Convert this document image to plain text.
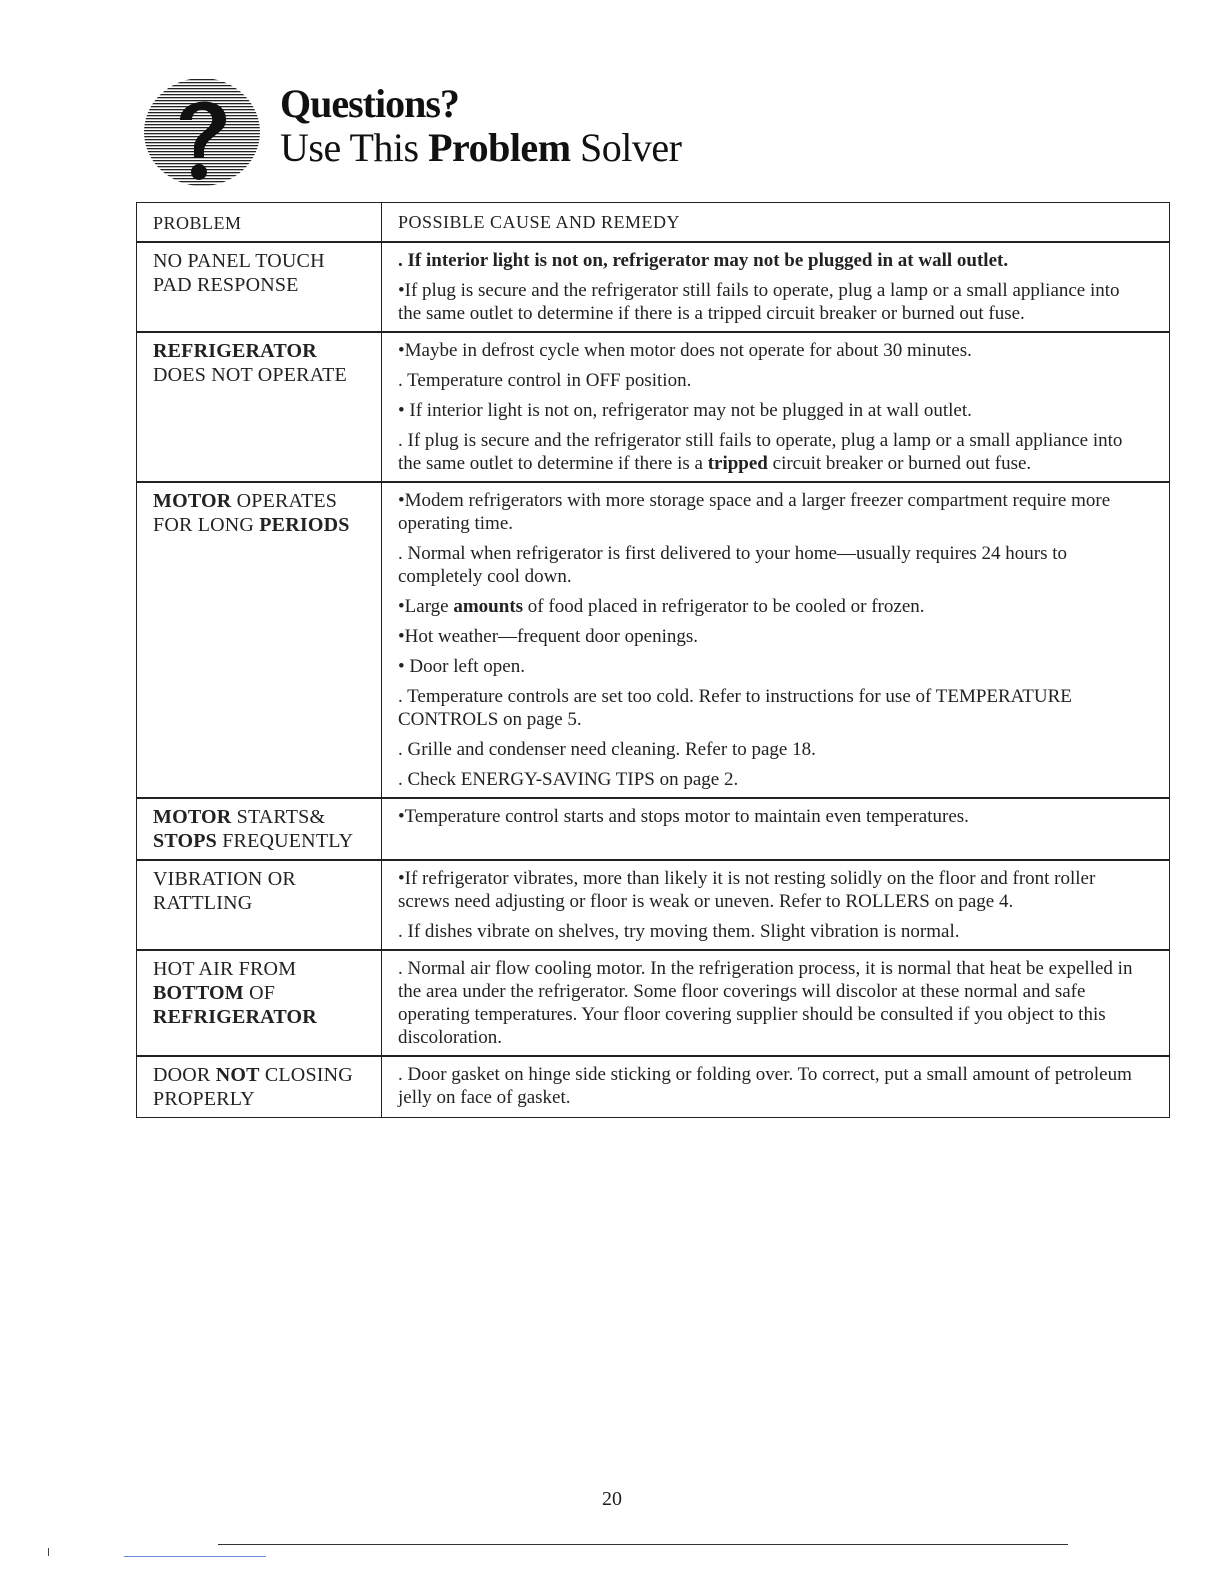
Questions?
Use This Problem Solver
PROBLEM	POSSIBLE CAUSE AND REMEDY
NO PANEL TOUCH
PAD RESPONSE

. If interior light is not on, refrigerator may not be plugged in at wall outlet.

•If plug is secure and the refrigerator still fails to operate, plug a lamp or a small appliance into the same outlet to determine if there is a tripped circuit breaker or burned out fuse.

REFRIGERATOR
DOES NOT OPERATE

•Maybe in defrost cycle when motor does not operate for about 30 minutes.

. Temperature control in OFF position.

• If interior light is not on, refrigerator may not be plugged in at wall outlet.

. If plug is secure and the refrigerator still fails to operate, plug a lamp or a small appliance into the same outlet to determine if there is a tripped circuit breaker or burned out fuse.

MOTOR OPERATES
FOR LONG PERIODS

•Modem refrigerators with more storage space and a larger freezer compartment require more operating time.

. Normal when refrigerator is first delivered to your home—usually requires 24 hours to completely cool down.

•Large amounts of food placed in refrigerator to be cooled or frozen.

•Hot weather—frequent door openings.

• Door left open.

. Temperature controls are set too cold. Refer to instructions for use of TEMPERATURE CONTROLS on page 5.

. Grille and condenser need cleaning. Refer to page 18.

. Check ENERGY-SAVING TIPS on page 2.

MOTOR STARTS&
STOPS FREQUENTLY

•Temperature control starts and stops motor to maintain even temperatures.

VIBRATION OR
RATTLING

•If refrigerator vibrates, more than likely it is not resting solidly on the floor and front roller screws need adjusting or floor is weak or uneven. Refer to ROLLERS on page 4.

. If dishes vibrate on shelves, try moving them. Slight vibration is normal.

HOT AIR FROM
BOTTOM OF
REFRIGERATOR

. Normal air flow cooling motor. In the refrigeration process, it is normal that heat be expelled in the area under the refrigerator. Some floor coverings will discolor at these normal and safe operating temperatures. Your floor covering supplier should be consulted if you object to this discoloration.

DOOR NOT CLOSING
PROPERLY

. Door gasket on hinge side sticking or folding over. To correct, put a small amount of petroleum jelly on face of gasket.

20
